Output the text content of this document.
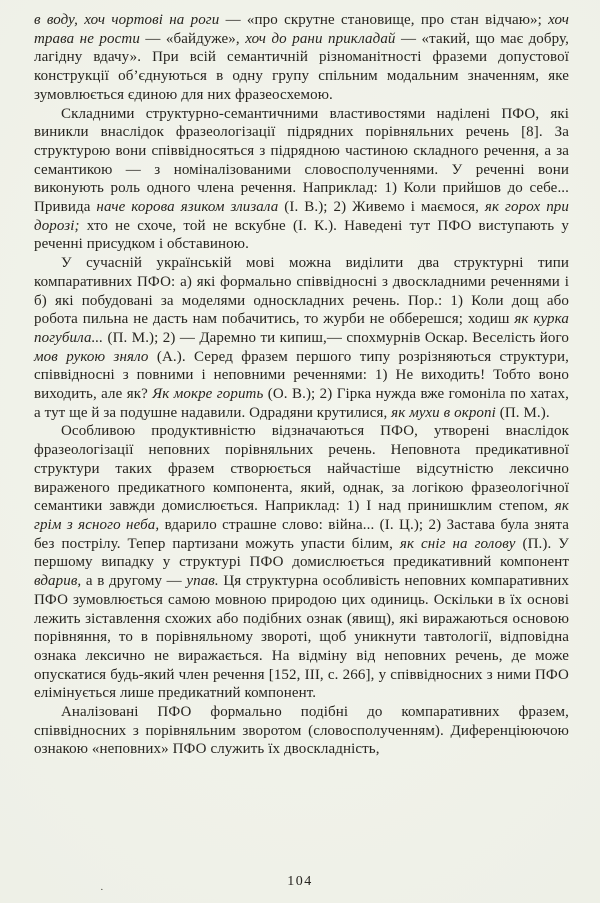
в воду, хоч чортові на роги — «про скрутне становище, про стан відчаю»; хоч трава не рости — «байдуже», хоч до рани прикладай — «такий, що має добру, лагідну вдачу». При всій семантичній різноманітності фраземи допустової конструкції об’єднуються в одну групу спільним модальним значенням, яке зумовлюється єдиною для них фразеосхемою.

Складними структурно-семантичними властивостями наділені ПФО, які виникли внаслідок фразеологізації підрядних порівняльних речень [8]. За структурою вони співвідносяться з підрядною частиною складного речення, а за семантикою — з номіналізованими словосполученнями. У реченні вони виконують роль одного члена речення. Наприклад: 1) Коли прийшов до себе... Привида наче корова язиком злизала (І. В.); 2) Живемо і маємося, як горох при дорозі; хто не схоче, той не вскубне (І. К.). Наведені тут ПФО виступають у реченні присудком і обставиною.

У сучасній українській мові можна виділити два структурні типи компаративних ПФО: а) які формально співвідносні з двоскладними реченнями і б) які побудовані за моделями односкладних речень. Пор.: 1) Коли дощ або робота пильна не дасть нам побачитись, то журби не обберешся; ходиш як курка погубила... (П. М.); 2) — Даремно ти кипиш,— спохмурнів Оскар. Веселість його мов рукою зняло (А.). Серед фразем першого типу розрізняються структури, співвідносні з повними і неповними реченнями: 1) Не виходить! Тобто воно виходить, але як? Як мокре горить (О. В.); 2) Гірка нужда вже гомоніла по хатах, а тут ще й за подушне надавили. Одрадяни крутилися, як мухи в окропі (П. М.).

Особливою продуктивністю відзначаються ПФО, утворені внаслідок фразеологізації неповних порівняльних речень. Неповнота предикативної структури таких фразем створюється найчастіше відсутністю лексично вираженого предикатного компонента, який, однак, за логікою фразеологічної семантики завжди домислюється. Наприклад: 1) І над принишклим степом, як грім з ясного неба, вдарило страшне слово: війна... (І. Ц.); 2) Застава була знята без пострілу. Тепер партизани можуть упасти білим, як сніг на голову (П.). У першому випадку у структурі ПФО домислюється предикативний компонент вдарив, а в другому — упав. Ця структурна особливість неповних компаративних ПФО зумовлюється самою мовною природою цих одиниць. Оскільки в їх основі лежить зіставлення схожих або подібних ознак (явищ), які виражаються основою порівняння, то в порівняльному звороті, щоб уникнути тавтології, відповідна ознака лексично не виражається. На відміну від неповних речень, де може опускатися будь-який член речення [152, III, с. 266], у співвідносних з ними ПФО елімінується лише предикатний компонент.

Аналізовані ПФО формально подібні до компаративних фразем, співвідносних з порівняльним зворотом (словосполученням). Диференціюючою ознакою «неповних» ПФО служить їх двоскладність,

·
104
